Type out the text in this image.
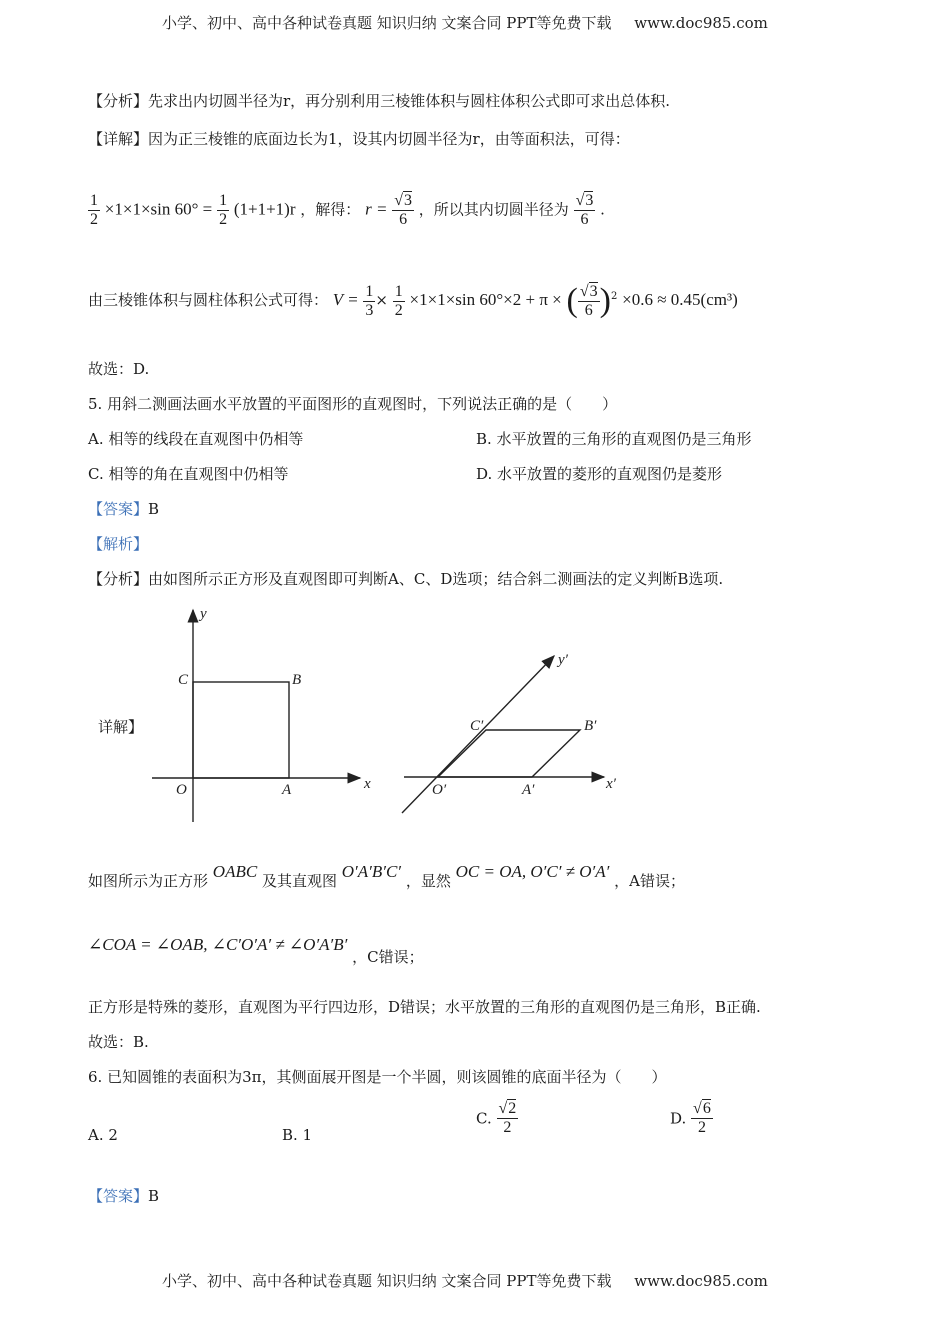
小学、初中、高中各种试卷真题 知识归纳 文案合同 PPT等免费下载 www.doc985.com
【分析】先求出内切圆半径为r，再分别利用三棱锥体积与圆柱体积公式即可求出总体积.
【详解】因为正三棱锥的底面边长为1，设其内切圆半径为r，由等面积法，可得：
$\frac{1}{2} \times 1\times 1\times\sin$ $60^\circ = \frac{1}{2} (1+1+1)r$ ，解得： $r = \frac{√3}{6}$ ，所以其内切圆半径为 $\frac{√3}{6}$ .
由三棱锥体积与圆柱体积公式可得： $V = \frac{1}{3} \times \frac{1}{2} \times 1\times 1\times\sin$ 60°×2 + π × ( $\frac{√3}{6} )^2 \times 0.6 \approx 0.45(cm^3)$
故选：D.
5. 用斜二测画法画水平放置的平面图形的直观图时，下列说法正确的是（　　）
A. 相等的线段在直观图中仍相等	B. 水平放置的三角形的直观图仍是三角形
C. 相等的角在直观图中仍相等	D. 水平放置的菱形的直观图仍是菱形
【答案】B
【解析】
【分析】由如图所示正方形及直观图即可判断A、C、D选项；结合斜二测画法的定义判断B选项.
详解】
y
x
O	A
B
C
y′
x′
O′	A′
B′
C′
如图所示为正方形 OABC 及其直观图 O′A′B′C′ ，显然 OC = OA, O′C′ ≠ O′A′ ，A错误；
∠COA = ∠OAB, ∠C′O′A′ ≠ ∠O′A′B′ ，C错误；
正方形是特殊的菱形，直观图为平行四边形，D错误；水平放置的三角形的直观图仍是三角形，B正确.
故选：B.
6. 已知圆锥的表面积为3π，其侧面展开图是一个半圆，则该圆锥的底面半径为（　　）
A. 2	B. 1
C. $\frac{√2}{2}$	D. $\frac{√6}{2}$
【答案】B
小学、初中、高中各种试卷真题 知识归纳 文案合同 PPT等免费下载 www.doc985.com
